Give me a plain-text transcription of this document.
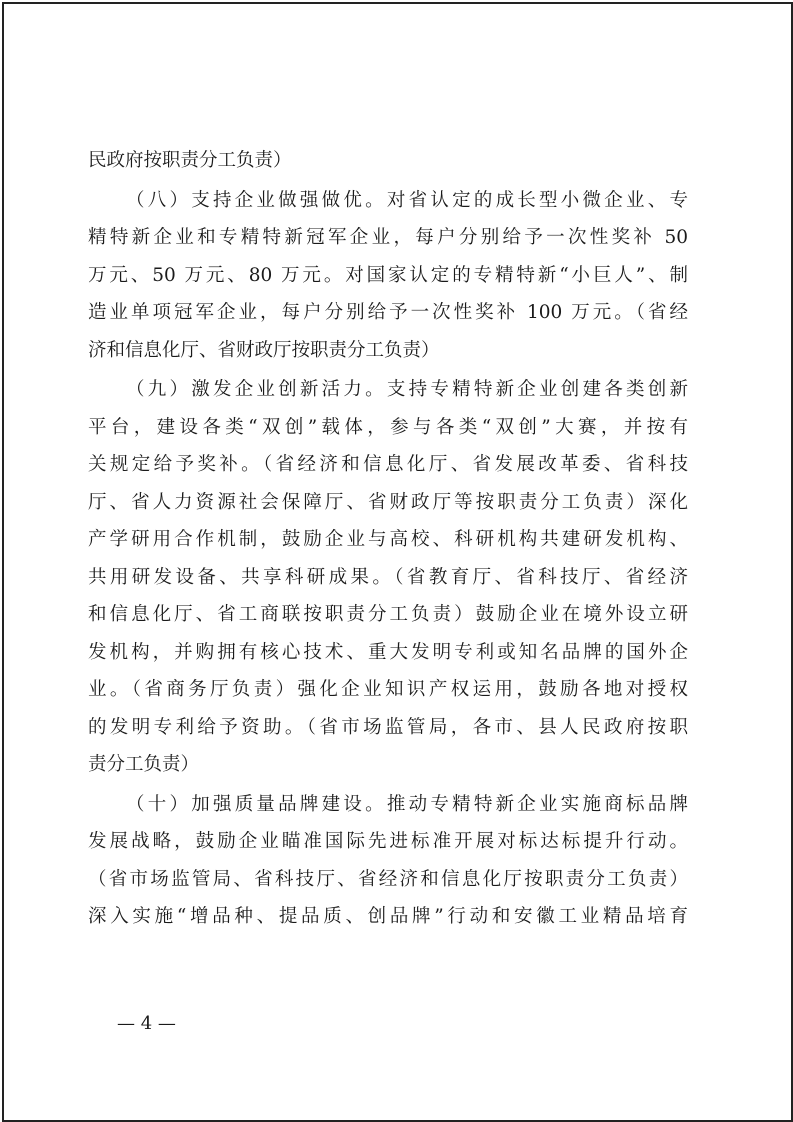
民政府按职责分工负责）
（八）支持企业做强做优。对省认定的成长型小微企业、专
精特新企业和专精特新冠军企业，每户分别给予一次性奖补 50
万元、50 万元、80 万元。对国家认定的专精特新“小巨人”、制
造业单项冠军企业，每户分别给予一次性奖补 100 万元。（省经
济和信息化厅、省财政厅按职责分工负责）
（九）激发企业创新活力。支持专精特新企业创建各类创新
平台，建设各类“双创”载体，参与各类“双创”大赛，并按有
关规定给予奖补。（省经济和信息化厅、省发展改革委、省科技
厅、省人力资源社会保障厅、省财政厅等按职责分工负责）深化
产学研用合作机制，鼓励企业与高校、科研机构共建研发机构、
共用研发设备、共享科研成果。（省教育厅、省科技厅、省经济
和信息化厅、省工商联按职责分工负责）鼓励企业在境外设立研
发机构，并购拥有核心技术、重大发明专利或知名品牌的国外企
业。（省商务厅负责）强化企业知识产权运用，鼓励各地对授权
的发明专利给予资助。（省市场监管局，各市、县人民政府按职
责分工负责）
（十）加强质量品牌建设。推动专精特新企业实施商标品牌
发展战略，鼓励企业瞄准国际先进标准开展对标达标提升行动。
（省市场监管局、省科技厅、省经济和信息化厅按职责分工负责）
深入实施“增品种、提品质、创品牌”行动和安徽工业精品培育
— 4 —
